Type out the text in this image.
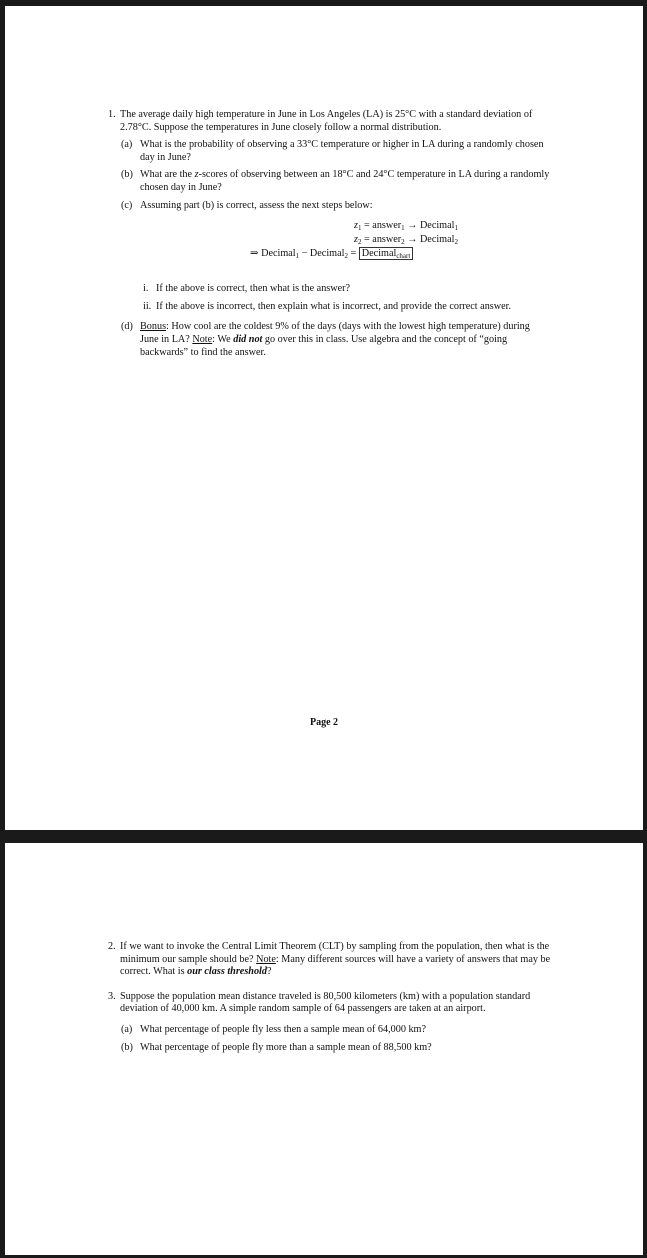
1. The average daily high temperature in June in Los Angeles (LA) is 25°C with a standard deviation of 2.78°C. Suppose the temperatures in June closely follow a normal distribution.
(a) What is the probability of observing a 33°C temperature or higher in LA during a randomly chosen day in June?
(b) What are the z-scores of observing between an 18°C and 24°C temperature in LA during a randomly chosen day in June?
(c) Assuming part (b) is correct, assess the next steps below:
z1 = answer1 → Decimal1
z2 = answer2 → Decimal2
⇒ Decimal1 − Decimal2 = Decimalchart
i. If the above is correct, then what is the answer?
ii. If the above is incorrect, then explain what is incorrect, and provide the correct answer.
(d) Bonus: How cool are the coldest 9% of the days (days with the lowest high temperature) during June in LA? Note: We did not go over this in class. Use algebra and the concept of “going backwards” to find the answer.
Page 2
2. If we want to invoke the Central Limit Theorem (CLT) by sampling from the population, then what is the minimum our sample should be? Note: Many different sources will have a variety of answers that may be correct. What is our class threshold?
3. Suppose the population mean distance traveled is 80,500 kilometers (km) with a population standard deviation of 40,000 km. A simple random sample of 64 passengers are taken at an airport.
(a) What percentage of people fly less then a sample mean of 64,000 km?
(b) What percentage of people fly more than a sample mean of 88,500 km?
